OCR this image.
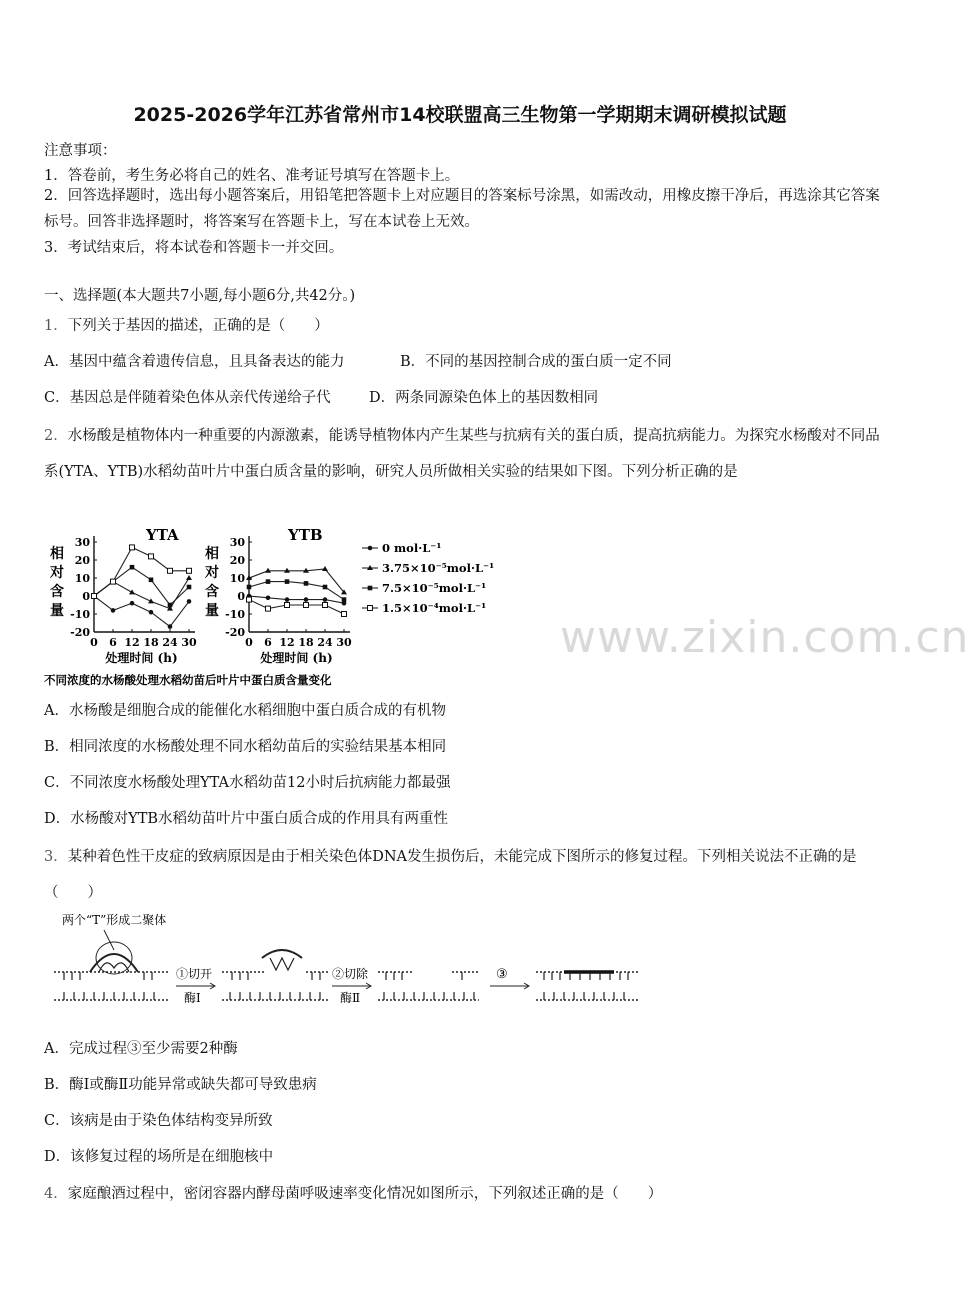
2025-2026学年江苏省常州市14校联盟高三生物第一学期期末调研模拟试题
注意事项：
1．答卷前，考生务必将自己的姓名、准考证号填写在答题卡上。
2．回答选择题时，选出每小题答案后，用铅笔把答题卡上对应题目的答案标号涂黑，如需改动，用橡皮擦干净后，再选涂其它答案标号。回答非选择题时，将答案写在答题卡上，写在本试卷上无效。
3．考试结束后，将本试卷和答题卡一并交回。
一、选择题(本大题共7小题,每小题6分,共42分。)
1．下列关于基因的描述，正确的是（　　）
A．基因中蕴含着遗传信息，且具备表达的能力	B．不同的基因控制合成的蛋白质一定不同
C．基因总是伴随着染色体从亲代传递给子代	D．两条同源染色体上的基因数相同
2．水杨酸是植物体内一种重要的内源激素，能诱导植物体内产生某些与抗病有关的蛋白质，提高抗病能力。为探究水杨酸对不同品系(YTA、YTB)水稻幼苗叶片中蛋白质含量的影响，研究人员所做相关实验的结果如下图。下列分析正确的是
YTA
相
对
含
量
30
20
10
0
-10
-20
0 6 12 18 24 30
处理时间 (h)
YTB
相
对
含
量
30
20
10
0
-10
-20
0 6 12 18 24 30
处理时间 (h)
0 mol·L⁻¹
3.75×10⁻⁵mol·L⁻¹
7.5×10⁻⁵mol·L⁻¹
1.5×10⁻⁴mol·L⁻¹
不同浓度的水杨酸处理水稻幼苗后叶片中蛋白质含量变化
www.zixin.com.cn
A．水杨酸是细胞合成的能催化水稻细胞中蛋白质合成的有机物
B．相同浓度的水杨酸处理不同水稻幼苗后的实验结果基本相同
C．不同浓度水杨酸处理YTA水稻幼苗12小时后抗病能力都最强
D．水杨酸对YTB水稻幼苗叶片中蛋白质合成的作用具有两重性
3．某种着色性干皮症的致病原因是由于相关染色体DNA发生损伤后，未能完成下图所示的修复过程。下列相关说法不正确的是（　　）
两个“T”形成二聚体
①切开
酶Ⅰ
②切除
酶Ⅱ
③
A．完成过程③至少需要2种酶
B．酶Ⅰ或酶Ⅱ功能异常或缺失都可导致患病
C．该病是由于染色体结构变异所致
D．该修复过程的场所是在细胞核中
4．家庭酿酒过程中，密闭容器内酵母菌呼吸速率变化情况如图所示，下列叙述正确的是（　　）
